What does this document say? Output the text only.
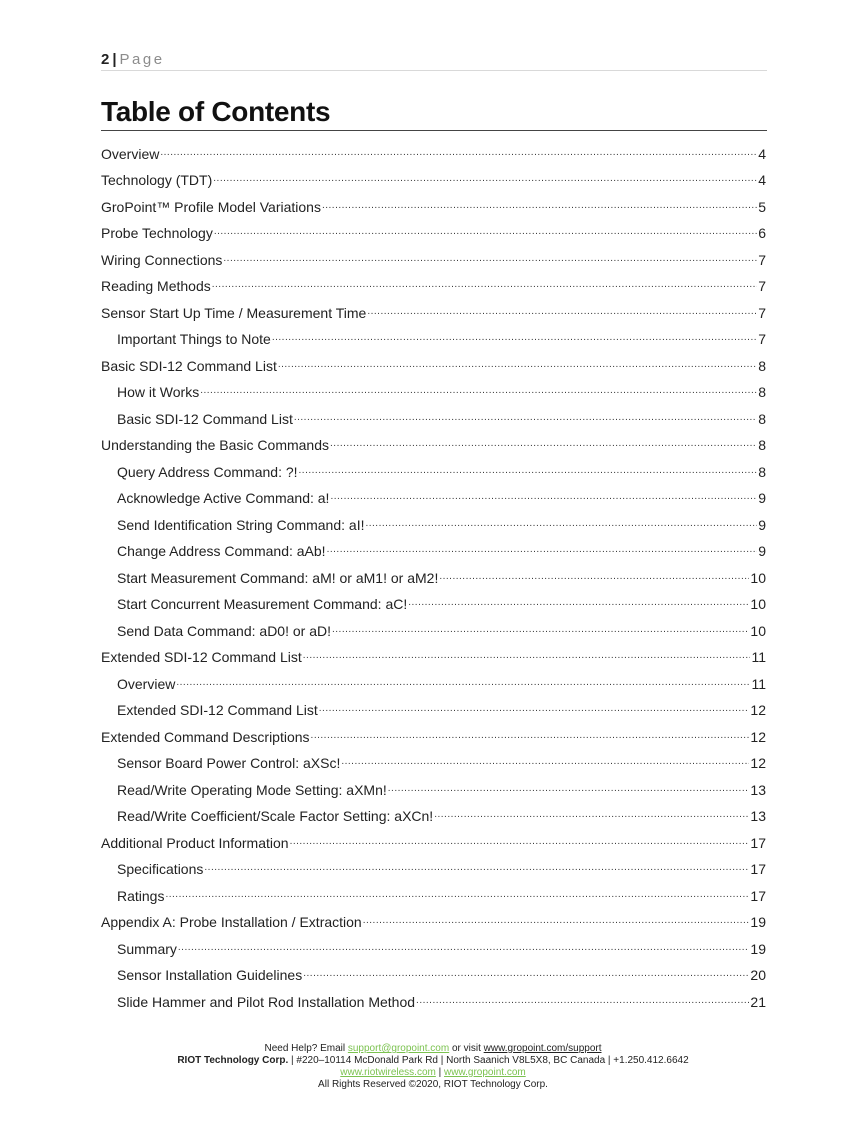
2 | Page
Table of Contents
Overview .....	4
Technology (TDT) .....	4
GroPoint™ Profile Model Variations .....	5
Probe Technology .....	6
Wiring Connections .....	7
Reading Methods .....	7
Sensor Start Up Time / Measurement Time .....	7
Important Things to Note .....	7
Basic SDI-12 Command List .....	8
How it Works .....	8
Basic SDI-12 Command List .....	8
Understanding the Basic Commands .....	8
Query Address Command: ?! .....	8
Acknowledge Active Command: a! .....	9
Send Identification String Command: aI! .....	9
Change Address Command: aAb! .....	9
Start Measurement Command: aM! or aM1! or aM2! .....	10
Start Concurrent Measurement Command: aC! .....	10
Send Data Command: aD0! or aD! .....	10
Extended SDI-12 Command List .....	11
Overview .....	11
Extended SDI-12 Command List .....	12
Extended Command Descriptions .....	12
Sensor Board Power Control: aXSc! .....	12
Read/Write Operating Mode Setting: aXMn! .....	13
Read/Write Coefficient/Scale Factor Setting: aXCn! .....	13
Additional Product Information .....	17
Specifications .....	17
Ratings .....	17
Appendix A: Probe Installation / Extraction .....	19
Summary .....	19
Sensor Installation Guidelines .....	20
Slide Hammer and Pilot Rod Installation Method .....	21
Need Help? Email support@gropoint.com or visit www.gropoint.com/support
RIOT Technology Corp. | #220–10114 McDonald Park Rd | North Saanich V8L5X8, BC Canada | +1.250.412.6642
www.riotwireless.com | www.gropoint.com
All Rights Reserved ©2020, RIOT Technology Corp.
